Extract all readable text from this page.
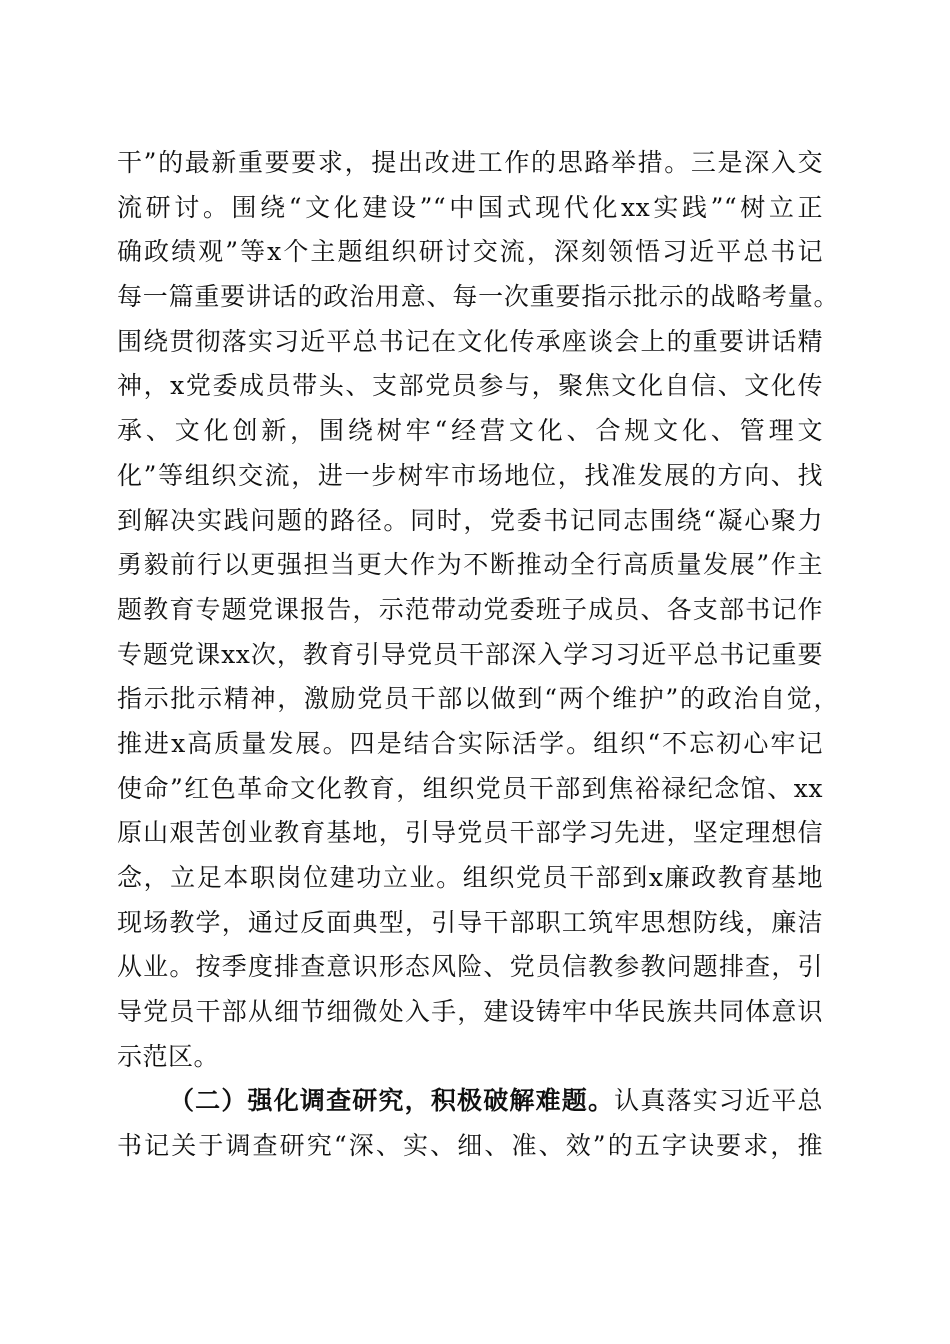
干”的最新重要要求，提出改进工作的思路举措。三是深入交
流研讨。围绕“文化建设”“中国式现代化xx实践”“树立正
确政绩观”等x个主题组织研讨交流，深刻领悟习近平总书记
每一篇重要讲话的政治用意、每一次重要指示批示的战略考量。
围绕贯彻落实习近平总书记在文化传承座谈会上的重要讲话精
神，x党委成员带头、支部党员参与，聚焦文化自信、文化传
承、文化创新，围绕树牢“经营文化、合规文化、管理文
化”等组织交流，进一步树牢市场地位，找准发展的方向、找
到解决实践问题的路径。同时，党委书记同志围绕“凝心聚力
勇毅前行以更强担当更大作为不断推动全行高质量发展”作主
题教育专题党课报告，示范带动党委班子成员、各支部书记作
专题党课xx次，教育引导党员干部深入学习习近平总书记重要
指示批示精神，激励党员干部以做到“两个维护”的政治自觉，
推进x高质量发展。四是结合实际活学。组织“不忘初心牢记
使命”红色革命文化教育，组织党员干部到焦裕禄纪念馆、xx
原山艰苦创业教育基地，引导党员干部学习先进，坚定理想信
念，立足本职岗位建功立业。组织党员干部到x廉政教育基地
现场教学，通过反面典型，引导干部职工筑牢思想防线，廉洁
从业。按季度排查意识形态风险、党员信教参教问题排查，引
导党员干部从细节细微处入手，建设铸牢中华民族共同体意识
示范区。
（二）强化调查研究，积极破解难题。认真落实习近平总
书记关于调查研究“深、实、细、准、效”的五字诀要求，推
